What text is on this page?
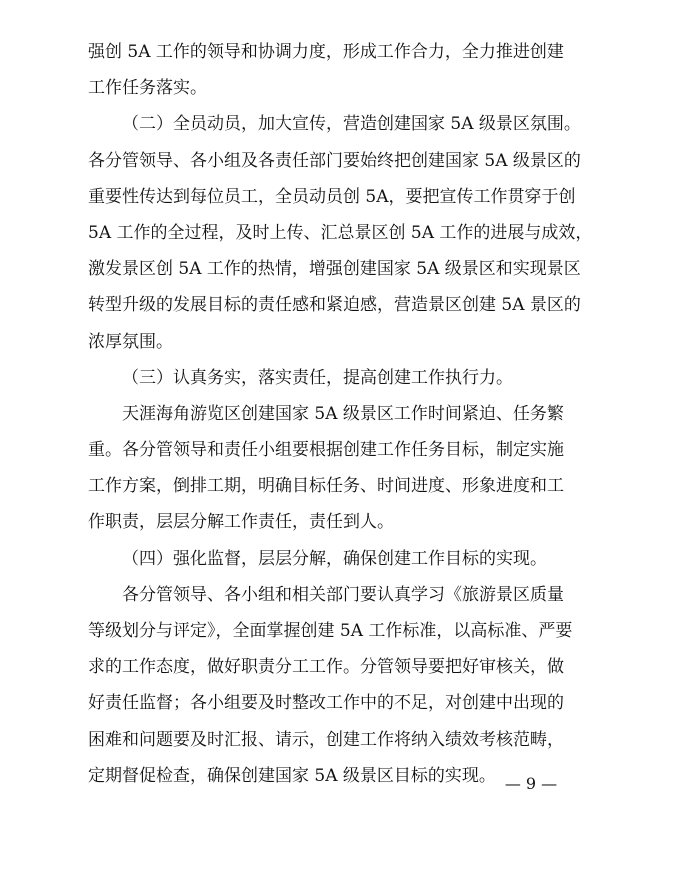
强创 5A 工作的领导和协调力度，形成工作合力，全力推进创建
工作任务落实。
（二）全员动员，加大宣传，营造创建国家 5A 级景区氛围。
各分管领导、各小组及各责任部门要始终把创建国家 5A 级景区的
重要性传达到每位员工，全员动员创 5A，要把宣传工作贯穿于创
5A 工作的全过程，及时上传、汇总景区创 5A 工作的进展与成效，
激发景区创 5A 工作的热情，增强创建国家 5A 级景区和实现景区
转型升级的发展目标的责任感和紧迫感，营造景区创建 5A 景区的
浓厚氛围。
（三）认真务实，落实责任，提高创建工作执行力。
天涯海角游览区创建国家 5A 级景区工作时间紧迫、任务繁
重。各分管领导和责任小组要根据创建工作任务目标，制定实施
工作方案，倒排工期，明确目标任务、时间进度、形象进度和工
作职责，层层分解工作责任，责任到人。
（四）强化监督，层层分解，确保创建工作目标的实现。
各分管领导、各小组和相关部门要认真学习《旅游景区质量
等级划分与评定》，全面掌握创建 5A 工作标准，以高标准、严要
求的工作态度，做好职责分工工作。分管领导要把好审核关，做
好责任监督；各小组要及时整改工作中的不足，对创建中出现的
困难和问题要及时汇报、请示，创建工作将纳入绩效考核范畴，
定期督促检查，确保创建国家 5A 级景区目标的实现。 — 9 —
